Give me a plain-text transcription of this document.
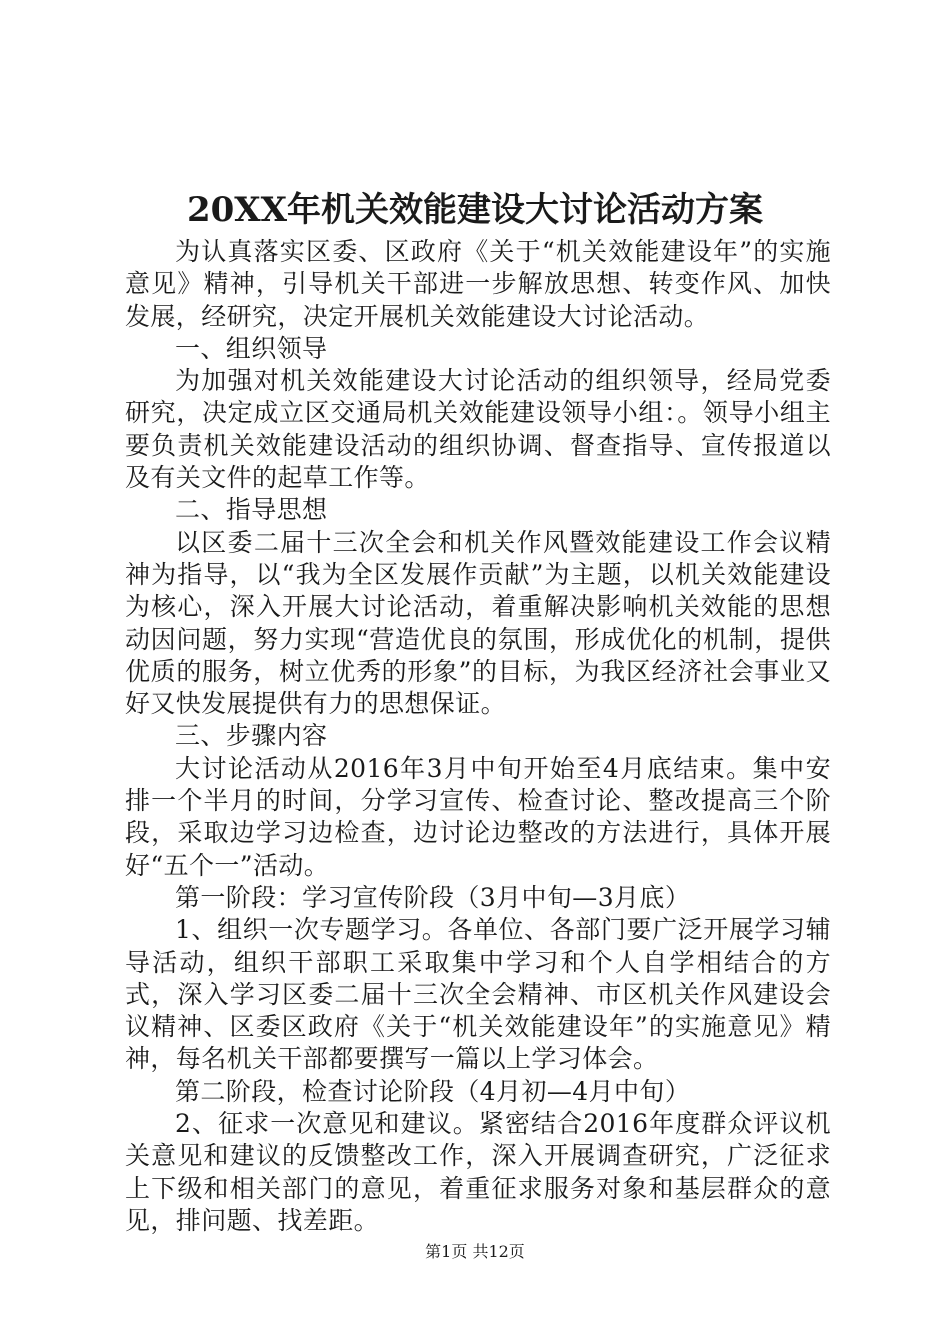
20XX年机关效能建设大讨论活动方案

为认真落实区委、区政府《关于“机关效能建设年”的实施意见》精神，引导机关干部进一步解放思想、转变作风、加快发展，经研究，决定开展机关效能建设大讨论活动。

一、组织领导

为加强对机关效能建设大讨论活动的组织领导，经局党委研究，决定成立区交通局机关效能建设领导小组：。领导小组主要负责机关效能建设活动的组织协调、督查指导、宣传报道以及有关文件的起草工作等。

二、指导思想

以区委二届十三次全会和机关作风暨效能建设工作会议精神为指导，以“我为全区发展作贡献”为主题，以机关效能建设为核心，深入开展大讨论活动，着重解决影响机关效能的思想动因问题，努力实现“营造优良的氛围，形成优化的机制，提供优质的服务，树立优秀的形象”的目标，为我区经济社会事业又好又快发展提供有力的思想保证。

三、步骤内容

大讨论活动从2016年3月中旬开始至4月底结束。集中安排一个半月的时间，分学习宣传、检查讨论、整改提高三个阶段，采取边学习边检查，边讨论边整改的方法进行，具体开展好“五个一”活动。

第一阶段：学习宣传阶段（3月中旬—3月底）

1、组织一次专题学习。各单位、各部门要广泛开展学习辅导活动，组织干部职工采取集中学习和个人自学相结合的方式，深入学习区委二届十三次全会精神、市区机关作风建设会议精神、区委区政府《关于“机关效能建设年”的实施意见》精神，每名机关干部都要撰写一篇以上学习体会。

第二阶段，检查讨论阶段（4月初—4月中旬）

2、征求一次意见和建议。紧密结合2016年度群众评议机关意见和建议的反馈整改工作，深入开展调查研究，广泛征求上下级和相关部门的意见，着重征求服务对象和基层群众的意见，排问题、找差距。

第1页 共12页
